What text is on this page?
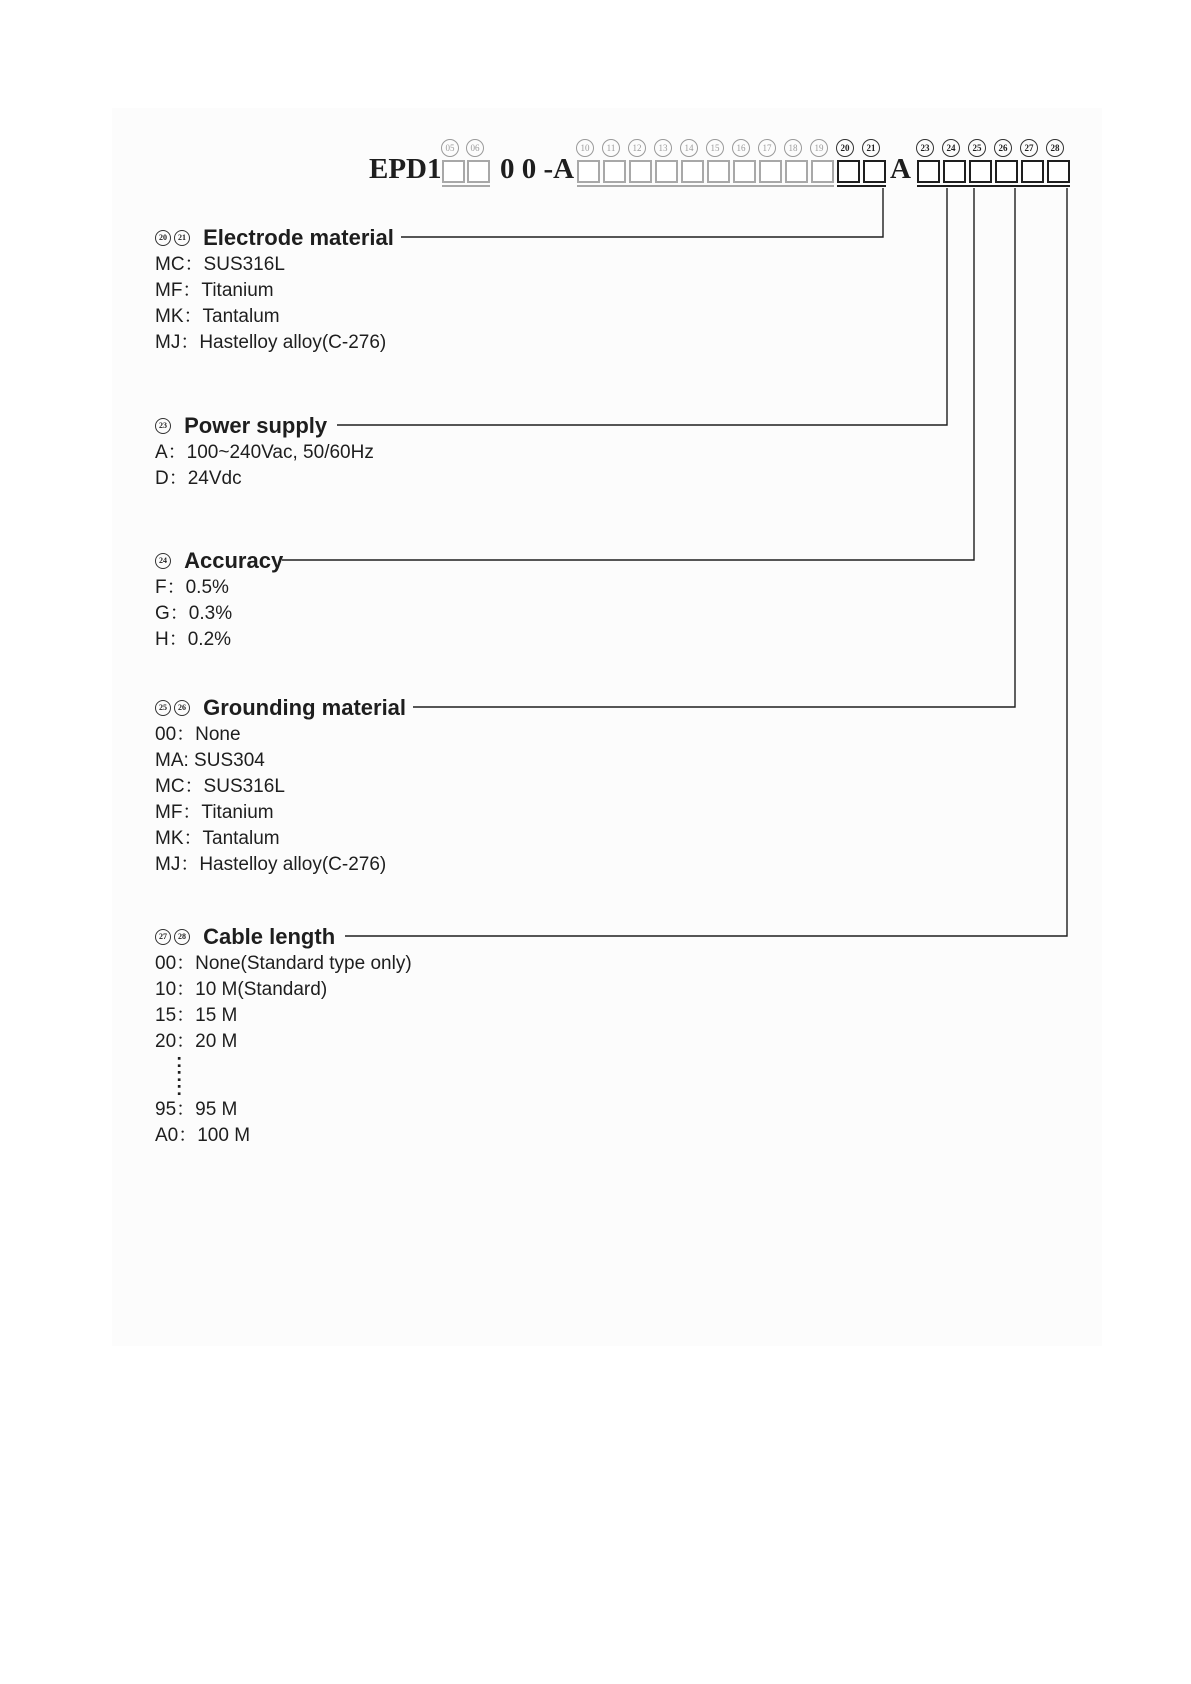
05	06	10	11	12	13	14	15	16	17	18	19	20	21	23	24	25	26	27	28
EPD1 0 0 -A	A
20 21 Electrode material
MC：SUS316L
MF：Titanium
MK：Tantalum
MJ：Hastelloy alloy(C-276)
23 Power supply
A：100~240Vac, 50/60Hz
D：24Vdc
24 Accuracy
F：0.5%
G：0.3%
H：0.2%
25 26 Grounding material
00：None
MA: SUS304
MC：SUS316L
MF：Titanium
MK：Tantalum
MJ：Hastelloy alloy(C-276)
27 28 Cable length
00：None(Standard type only)
10：10 M(Standard)
15：15 M
20：20 M
:
:
:
95：95 M
A0：100 M
